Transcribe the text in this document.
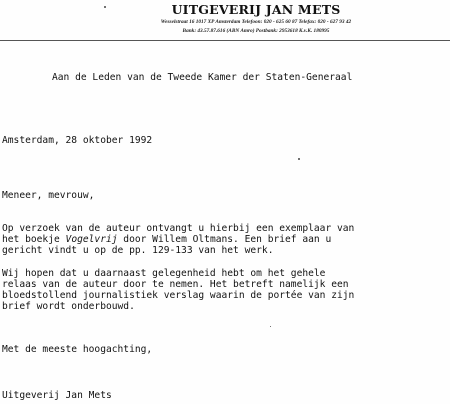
UITGEVERIJ JAN METS
Wesselstraat 16 1017 XP Amsterdam Telefoon: 020 - 625 60 87 Telefax: 020 - 627 93 42
Bank: 43.57.87.616 (ABN Amro) Postbank: 2953618 K.v.K. 180995
Aan de Leden van de Tweede Kamer der Staten-Generaal
Amsterdam, 28 oktober 1992
Meneer, mevrouw,
Op verzoek van de auteur ontvangt u hierbij een exemplaar van
het boekje Vogelvrij door Willem Oltmans. Een brief aan u
gericht vindt u op de pp. 129-133 van het werk.
Wij hopen dat u daarnaast gelegenheid hebt om het gehele
relaas van de auteur door te nemen. Het betreft namelijk een
bloedstollend journalistiek verslag waarin de portée van zijn
brief wordt onderbouwd.
Met de meeste hoogachting,
Uitgeverij Jan Mets
